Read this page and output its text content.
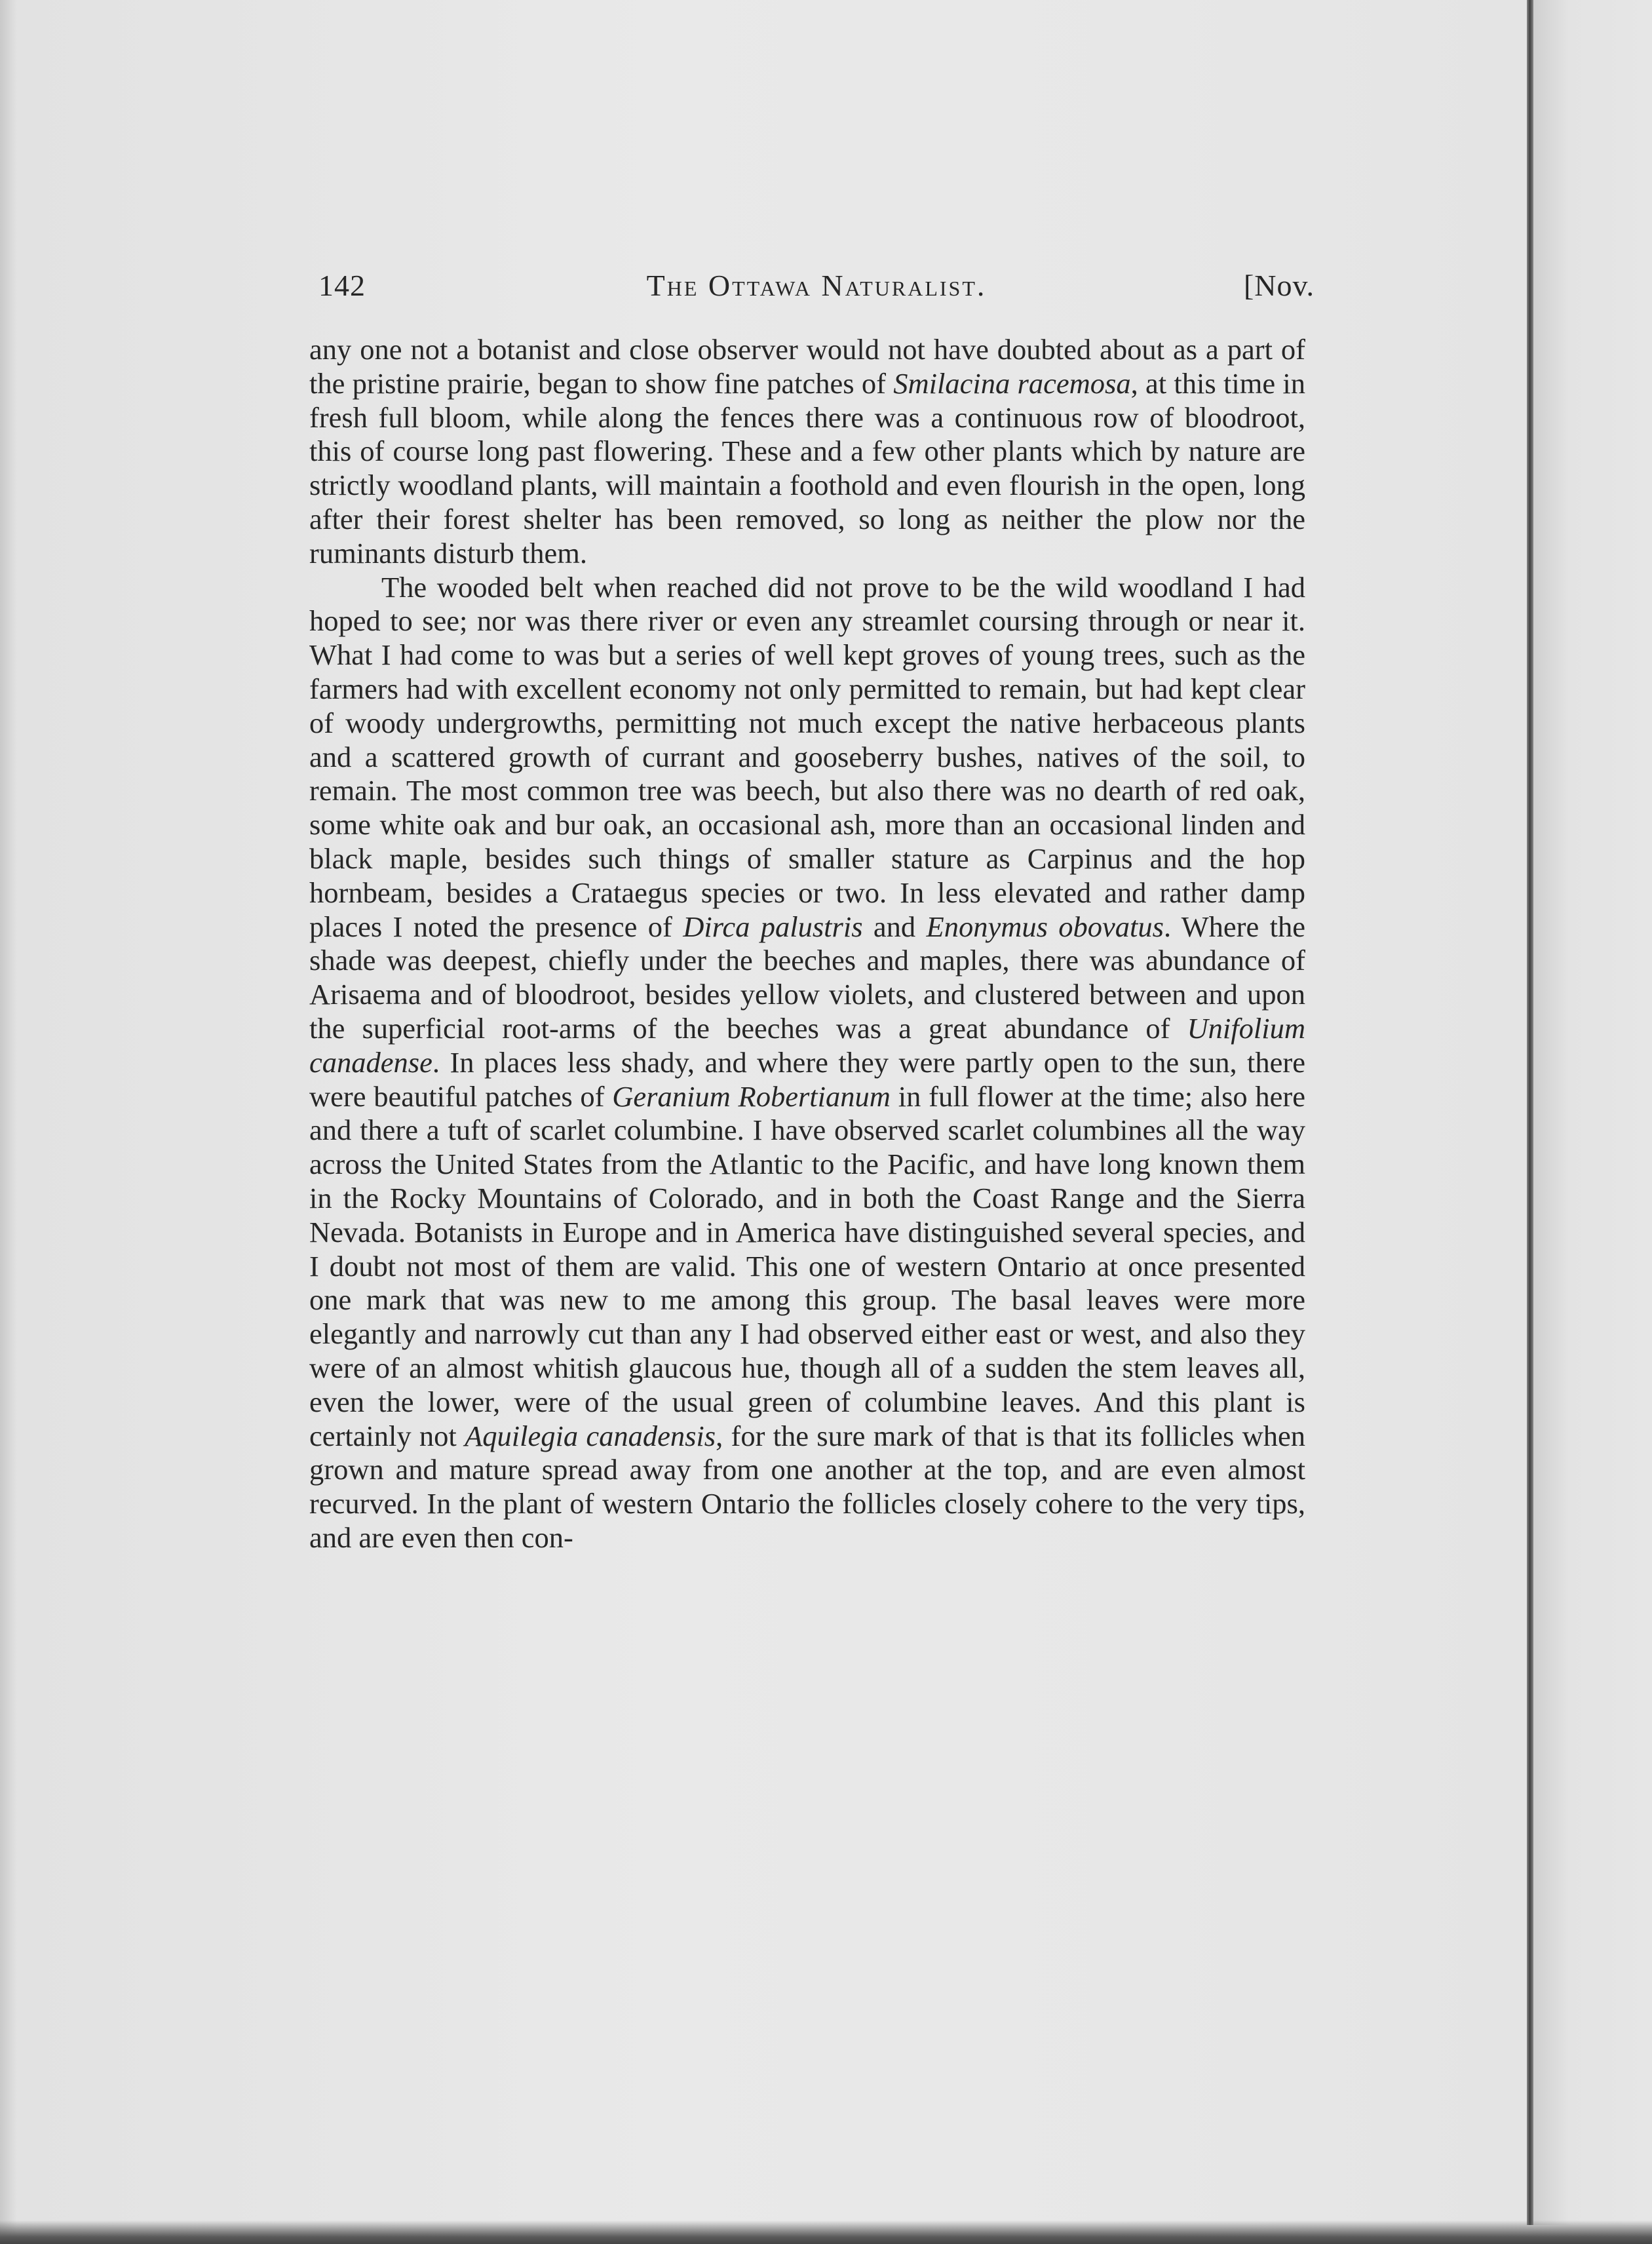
142	The Ottawa Naturalist.	[Nov.

any one not a botanist and close observer would not have doubted about as a part of the pristine prairie, began to show fine patches of Smilacina racemosa, at this time in fresh full bloom, while along the fences there was a continuous row of bloodroot, this of course long past flowering. These and a few other plants which by nature are strictly woodland plants, will maintain a foothold and even flourish in the open, long after their forest shelter has been removed, so long as neither the plow nor the ruminants disturb them.

The wooded belt when reached did not prove to be the wild woodland I had hoped to see; nor was there river or even any streamlet coursing through or near it. What I had come to was but a series of well kept groves of young trees, such as the farmers had with excellent economy not only permitted to remain, but had kept clear of woody undergrowths, permitting not much except the native herbaceous plants and a scattered growth of currant and gooseberry bushes, natives of the soil, to remain. The most common tree was beech, but also there was no dearth of red oak, some white oak and bur oak, an occasional ash, more than an occasional linden and black maple, besides such things of smaller stature as Carpinus and the hop hornbeam, besides a Crataegus species or two. In less elevated and rather damp places I noted the presence of Dirca palustris and Enonymus obovatus. Where the shade was deepest, chiefly under the beeches and maples, there was abundance of Arisaema and of bloodroot, besides yellow violets, and clustered between and upon the superficial root-arms of the beeches was a great abundance of Unifolium canadense. In places less shady, and where they were partly open to the sun, there were beautiful patches of Geranium Robertianum in full flower at the time; also here and there a tuft of scarlet columbine. I have observed scarlet columbines all the way across the United States from the Atlantic to the Pacific, and have long known them in the Rocky Mountains of Colorado, and in both the Coast Range and the Sierra Nevada. Botanists in Europe and in America have distinguished several species, and I doubt not most of them are valid. This one of western Ontario at once presented one mark that was new to me among this group. The basal leaves were more elegantly and narrowly cut than any I had observed either east or west, and also they were of an almost whitish glaucous hue, though all of a sudden the stem leaves all, even the lower, were of the usual green of columbine leaves. And this plant is certainly not Aquilegia canadensis, for the sure mark of that is that its follicles when grown and mature spread away from one another at the top, and are even almost recurved. In the plant of western Ontario the follicles closely cohere to the very tips, and are even then con-
